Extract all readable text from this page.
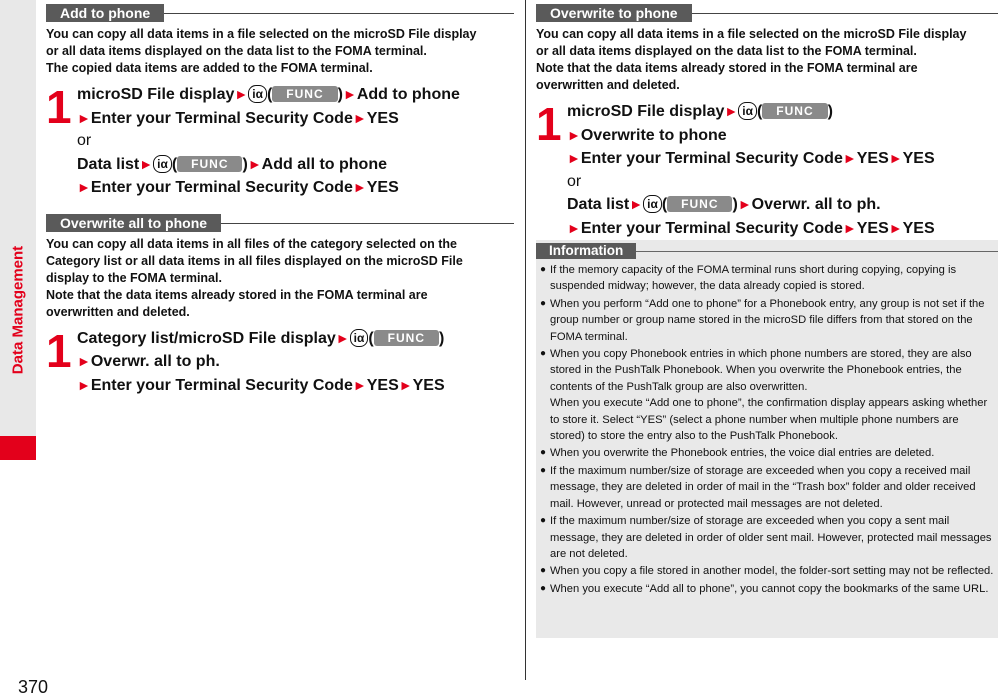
Data Management
370
Add to phone
You can copy all data items in a file selected on the microSD File display
or all data items displayed on the data list to the FOMA terminal.
The copied data items are added to the FOMA terminal.
1 microSD File display► iα ( FUNC )►Add to phone
►Enter your Terminal Security Code►YES
or
Data list► iα ( FUNC )►Add all to phone
►Enter your Terminal Security Code►YES
Overwrite all to phone
You can copy all data items in all files of the category selected on the
Category list or all data items in all files displayed on the microSD File
display to the FOMA terminal.
Note that the data items already stored in the FOMA terminal are
overwritten and deleted.
1 Category list/microSD File display► iα ( FUNC )
►Overwr. all to ph.
►Enter your Terminal Security Code►YES►YES
Overwrite to phone
You can copy all data items in a file selected on the microSD File display
or all data items displayed on the data list to the FOMA terminal.
Note that the data items already stored in the FOMA terminal are
overwritten and deleted.
1 microSD File display► iα ( FUNC )
►Overwrite to phone
►Enter your Terminal Security Code►YES►YES
or
Data list► iα ( FUNC )►Overwr. all to ph.
►Enter your Terminal Security Code►YES►YES
Information
● If the memory capacity of the FOMA terminal runs short during copying, copying is suspended midway; however, the data already copied is stored.
● When you perform “Add one to phone” for a Phonebook entry, any group is not set if the group number or group name stored in the microSD file differs from that stored on the FOMA terminal.
● When you copy Phonebook entries in which phone numbers are stored, they are also stored in the PushTalk Phonebook. When you overwrite the Phonebook entries, the contents of the PushTalk group are also overwritten.
When you execute “Add one to phone”, the confirmation display appears asking whether to store it. Select “YES” (select a phone number when multiple phone numbers are stored) to store the entry also to the PushTalk Phonebook.
● When you overwrite the Phonebook entries, the voice dial entries are deleted.
● If the maximum number/size of storage are exceeded when you copy a received mail message, they are deleted in order of mail in the “Trash box” folder and older received mail. However, unread or protected mail messages are not deleted.
● If the maximum number/size of storage are exceeded when you copy a sent mail message, they are deleted in order of older sent mail. However, protected mail messages are not deleted.
● When you copy a file stored in another model, the folder-sort setting may not be reflected.
● When you execute “Add all to phone”, you cannot copy the bookmarks of the same URL.
